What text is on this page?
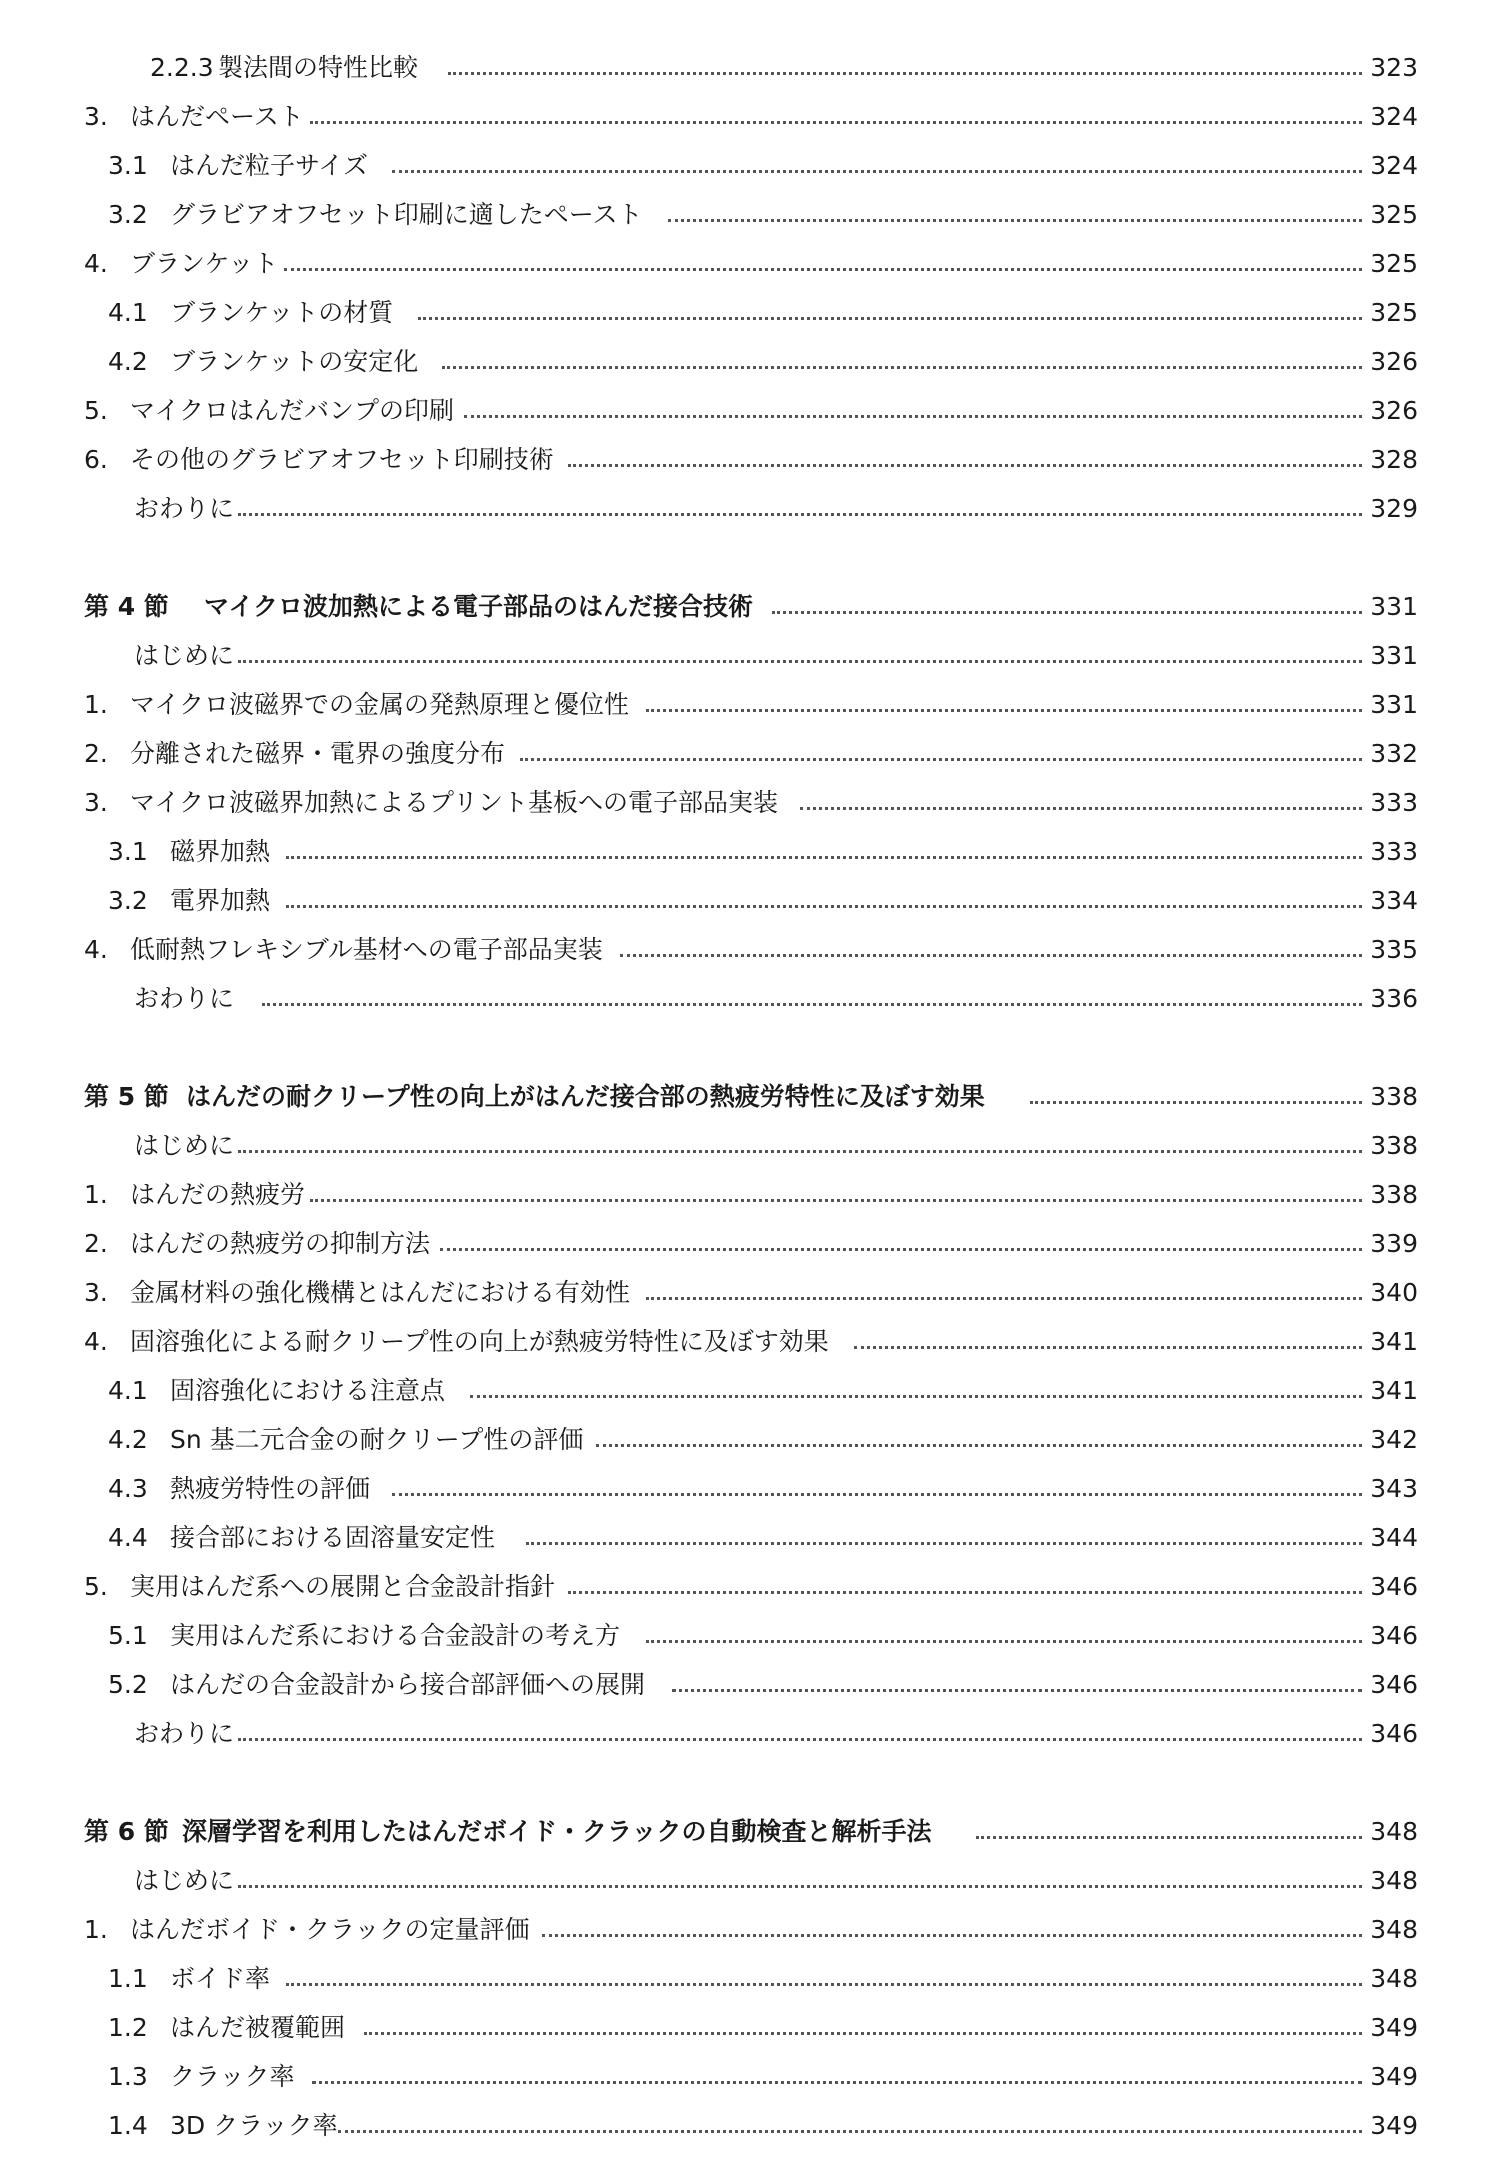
2.2.3 製法間の特性比較	323
3. はんだペースト	324
3.1 はんだ粒子サイズ	324
3.2 グラビアオフセット印刷に適したペースト	325
4. ブランケット	325
4.1 ブランケットの材質	325
4.2 ブランケットの安定化	326
5. マイクロはんだバンプの印刷	326
6. その他のグラビアオフセット印刷技術	328
おわりに	329
第 4 節 マイクロ波加熱による電子部品のはんだ接合技術	331
はじめに	331
1. マイクロ波磁界での金属の発熱原理と優位性	331
2. 分離された磁界・電界の強度分布	332
3. マイクロ波磁界加熱によるプリント基板への電子部品実装	333
3.1 磁界加熱	333
3.2 電界加熱	334
4. 低耐熱フレキシブル基材への電子部品実装	335
おわりに	336
第 5 節 はんだの耐クリープ性の向上がはんだ接合部の熱疲労特性に及ぼす効果	338
はじめに	338
1. はんだの熱疲労	338
2. はんだの熱疲労の抑制方法	339
3. 金属材料の強化機構とはんだにおける有効性	340
4. 固溶強化による耐クリープ性の向上が熱疲労特性に及ぼす効果	341
4.1 固溶強化における注意点	341
4.2 Sn 基二元合金の耐クリープ性の評価	342
4.3 熱疲労特性の評価	343
4.4 接合部における固溶量安定性	344
5. 実用はんだ系への展開と合金設計指針	346
5.1 実用はんだ系における合金設計の考え方	346
5.2 はんだの合金設計から接合部評価への展開	346
おわりに	346
第 6 節 深層学習を利用したはんだボイド・クラックの自動検査と解析手法	348
はじめに	348
1. はんだボイド・クラックの定量評価	348
1.1 ボイド率	348
1.2 はんだ被覆範囲	349
1.3 クラック率	349
1.4 3D クラック率	349
